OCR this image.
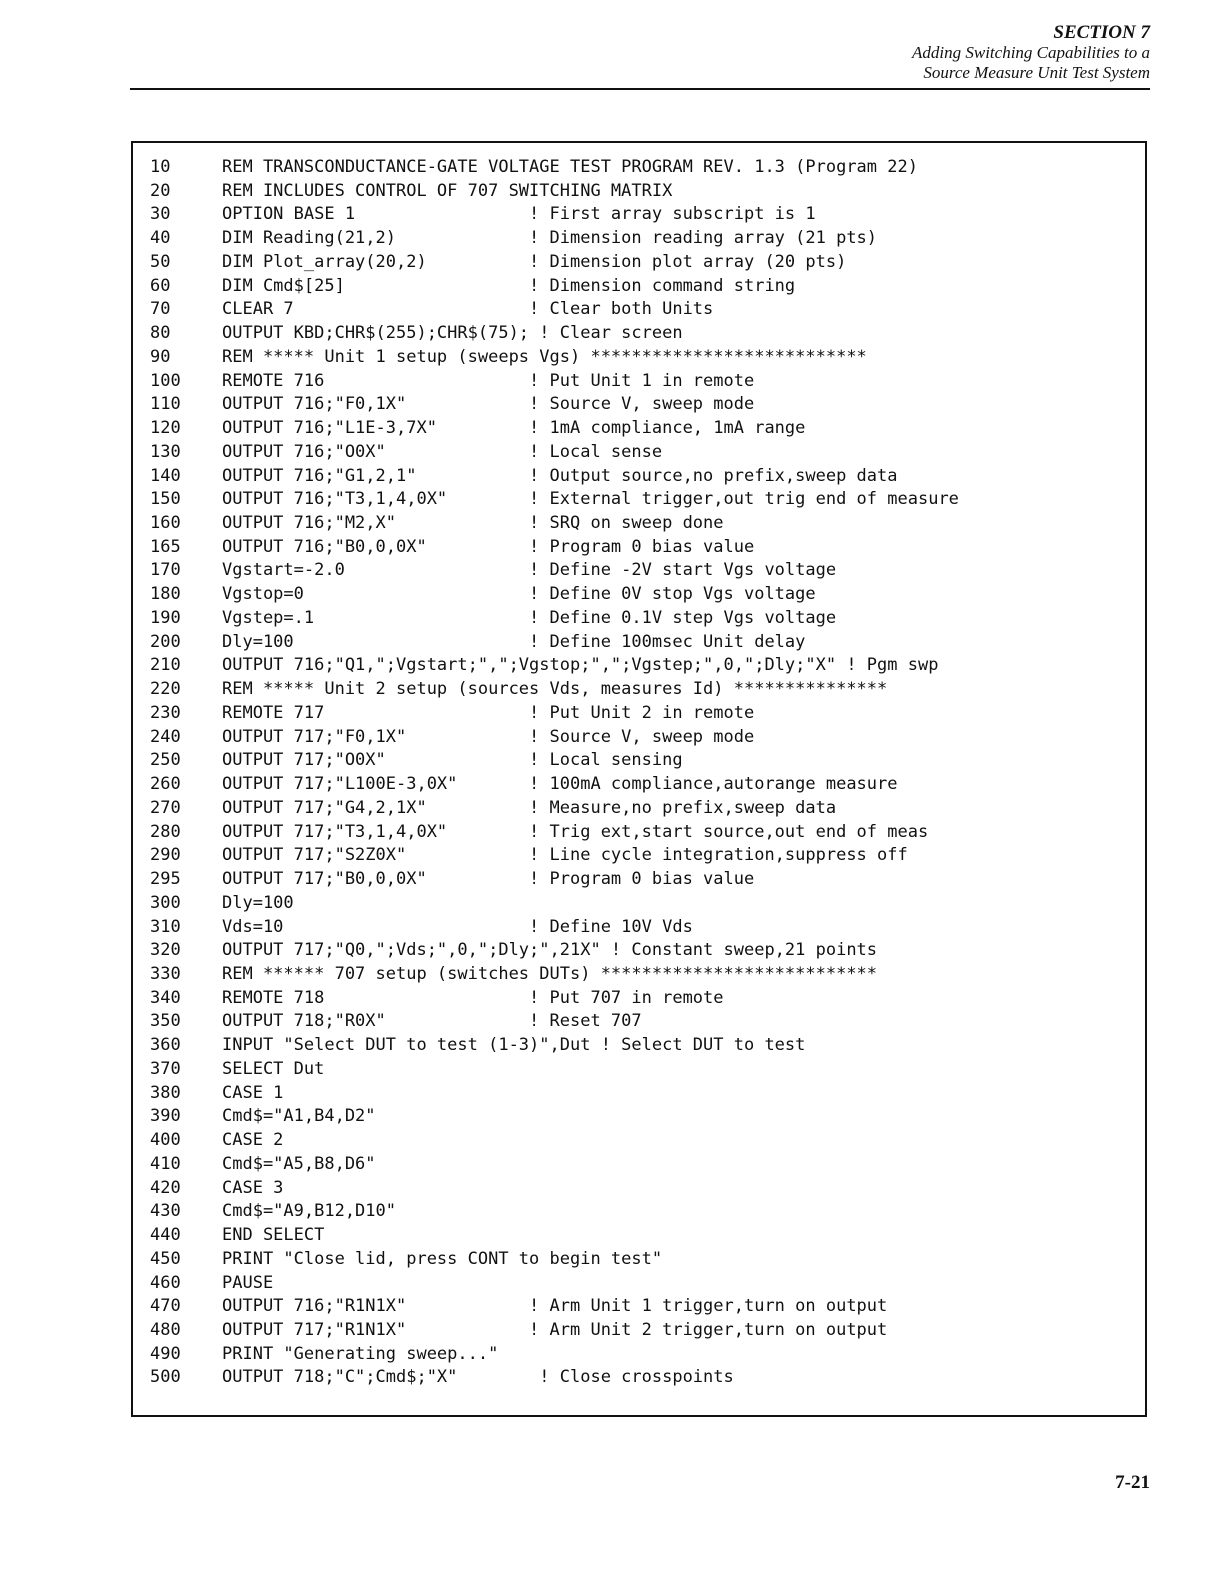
SECTION 7
Adding Switching Capabilities to a
Source Measure Unit Test System
10	REM TRANSCONDUCTANCE-GATE VOLTAGE TEST PROGRAM REV. 1.3 (Program 22)
20	REM INCLUDES CONTROL OF 707 SWITCHING MATRIX
30	OPTION BASE 1                 ! First array subscript is 1
40	DIM Reading(21,2)             ! Dimension reading array (21 pts)
50	DIM Plot_array(20,2)          ! Dimension plot array (20 pts)
60	DIM Cmd$[25]                  ! Dimension command string
70	CLEAR 7                       ! Clear both Units
80	OUTPUT KBD;CHR$(255);CHR$(75); ! Clear screen
90	REM ***** Unit 1 setup (sweeps Vgs) ***************************
100 REMOTE 716                    ! Put Unit 1 in remote
110 OUTPUT 716;"F0,1X"            ! Source V, sweep mode
120 OUTPUT 716;"L1E-3,7X"         ! 1mA compliance, 1mA range
130 OUTPUT 716;"O0X"              ! Local sense
140 OUTPUT 716;"G1,2,1"           ! Output source,no prefix,sweep data
150 OUTPUT 716;"T3,1,4,0X"        ! External trigger,out trig end of measure
160 OUTPUT 716;"M2,X"             ! SRQ on sweep done
165 OUTPUT 716;"B0,0,0X"          ! Program 0 bias value
170 Vgstart=-2.0                  ! Define -2V start Vgs voltage
180 Vgstop=0                      ! Define 0V stop Vgs voltage
190 Vgstep=.1                     ! Define 0.1V step Vgs voltage
200 Dly=100                       ! Define 100msec Unit delay
210 OUTPUT 716;"Q1,";Vgstart;",";Vgstop;",";Vgstep;",0,";Dly;"X" ! Pgm swp
220 REM ***** Unit 2 setup (sources Vds, measures Id) ***************
230 REMOTE 717                    ! Put Unit 2 in remote
240 OUTPUT 717;"F0,1X"            ! Source V, sweep mode
250 OUTPUT 717;"O0X"              ! Local sensing
260 OUTPUT 717;"L100E-3,0X"       ! 100mA compliance,autorange measure
270 OUTPUT 717;"G4,2,1X"          ! Measure,no prefix,sweep data
280 OUTPUT 717;"T3,1,4,0X"        ! Trig ext,start source,out end of meas
290 OUTPUT 717;"S2Z0X"            ! Line cycle integration,suppress off
295 OUTPUT 717;"B0,0,0X"          ! Program 0 bias value
300 Dly=100
310 Vds=10                        ! Define 10V Vds
320 OUTPUT 717;"Q0,";Vds;",0,";Dly;",21X" ! Constant sweep,21 points
330 REM ****** 707 setup (switches DUTs) ***************************
340 REMOTE 718                    ! Put 707 in remote
350 OUTPUT 718;"R0X"              ! Reset 707
360 INPUT "Select DUT to test (1-3)",Dut ! Select DUT to test
370 SELECT Dut
380 CASE 1
390 Cmd$="A1,B4,D2"
400 CASE 2
410 Cmd$="A5,B8,D6"
420 CASE 3
430 Cmd$="A9,B12,D10"
440 END SELECT
450 PRINT "Close lid, press CONT to begin test"
460 PAUSE
470 OUTPUT 716;"R1N1X"            ! Arm Unit 1 trigger,turn on output
480 OUTPUT 717;"R1N1X"            ! Arm Unit 2 trigger,turn on output
490 PRINT "Generating sweep..."
500 OUTPUT 718;"C";Cmd$;"X"        ! Close crosspoints
7-21
